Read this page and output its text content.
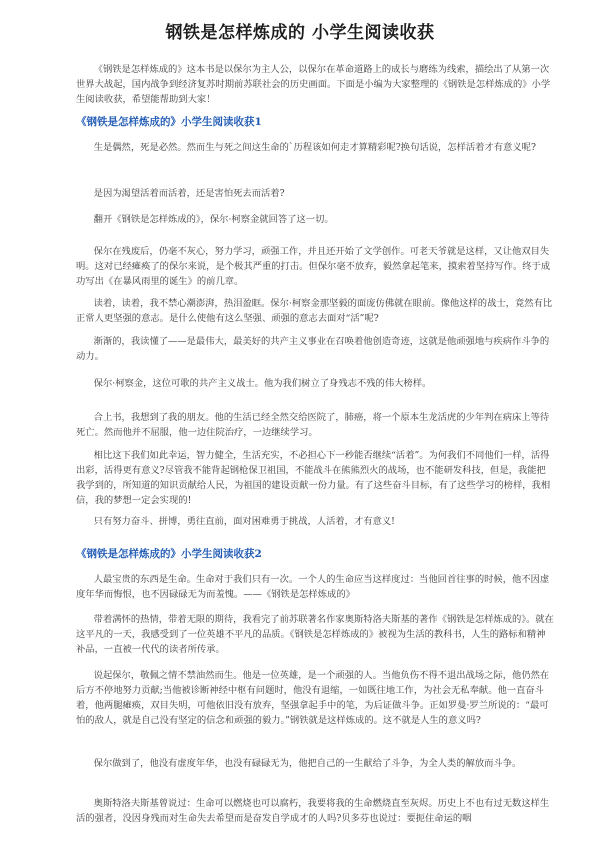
钢铁是怎样炼成的 小学生阅读收获

《钢铁是怎样炼成的》这本书是以保尔为主人公，以保尔在革命道路上的成长与磨练为线索，描绘出了从第一次世界大战起，国内战争到经济复苏时期前苏联社会的历史画面。下面是小编为大家整理的《钢铁是怎样炼成的》小学生阅读收获，希望能帮助到大家！

《钢铁是怎样炼成的》小学生阅读收获1

生是偶然，死是必然。然而生与死之间这生命的`历程该如何走才算精彩呢?换句话说，怎样活着才有意义呢?

是因为渴望活着而活着，还是害怕死去而活着?

翻开《钢铁是怎样炼成的》，保尔·柯察金就回答了这一切。

保尔在残废后，仍毫不灰心，努力学习，顽强工作，并且还开始了文学创作。可老天爷就是这样，又让他双目失明。这对已经瘫痪了的保尔来说，是个极其严重的打击。但保尔毫不放弃，毅然拿起笔来，摸索着坚持写作。终于成功写出《在暴风雨里的诞生》的前几章。

读着，读着，我不禁心潮澎湃，热泪盈眶。保尔·柯察金那坚毅的面庞仿佛就在眼前。像他这样的战士，竟然有比正常人更坚强的意志。是什么使他有这么坚强、顽强的意志去面对“活”呢?

渐渐的，我读懂了——是最伟大，最美好的共产主义事业在召唤着他创造奇迹，这就是他顽强地与疾病作斗争的动力。

保尔·柯察金，这位可歌的共产主义战士。他为我们树立了身残志不残的伟大榜样。

合上书，我想到了我的朋友。他的生活已经全然交给医院了，肺癌，将一个原本生龙活虎的少年判在病床上等待死亡。然而他并不屈服，他一边住院治疗，一边继续学习。

相比这下我们如此幸运，智力健全，生活充实，不必担心下一秒能否继续“活着”。为何我们不同他们一样，活得出彩，活得更有意义?尽管我不能背起钢枪保卫祖国，不能战斗在熊熊烈火的战场，也不能研发科技，但是，我能把我学到的，所知道的知识贡献给人民，为祖国的建设贡献一份力量。有了这些奋斗目标，有了这些学习的榜样，我相信，我的梦想一定会实现的!

只有努力奋斗、拼博，勇往直前，面对困难勇于挑战，人活着，才有意义!

《钢铁是怎样炼成的》小学生阅读收获2

人最宝贵的东西是生命。生命对于我们只有一次。一个人的生命应当这样度过：当他回首往事的时候，他不因虚度年华而悔恨，也不因碌碌无为而羞愧。——《钢铁是怎样炼成的》

带着满怀的热情，带着无限的期待，我看完了前苏联著名作家奥斯特洛夫斯基的著作《钢铁是怎样炼成的》。就在这平凡的一天，我感受到了一位英雄不平凡的品质。《钢铁是怎样炼成的》被视为生活的教科书，人生的路标和精神补品，一直被一代代的读者所传承。

说起保尔，敬佩之情不禁油然而生。他是一位英雄，是一个顽强的人。当他负伤不得不退出战场之际，他仍然在后方不停地努力贡献;当他被诊断神经中枢有问题时，他没有退缩，一如既往地工作，为社会无私奉献。他一直奋斗着，他两腿瘫痪，双目失明，可他依旧没有放弃，坚强拿起手中的笔，为后证做斗争。正如罗曼·罗兰所说的：“最可怕的敌人，就是自己没有坚定的信念和顽强的毅力。”钢铁就是这样炼成的。这不就是人生的意义吗?

保尔做到了，他没有虚度年华，也没有碌碌无为，他把自己的一生献给了斗争，为全人类的解放而斗争。

奥斯特洛夫斯基曾说过：生命可以燃烧也可以腐朽，我要将我的生命燃烧直至灰烬。历史上不也有过无数这样生活的强者，没因身残而对生命失去希望而是奋发自学成才的人吗?贝多芬也说过：要扼住命运的咽
